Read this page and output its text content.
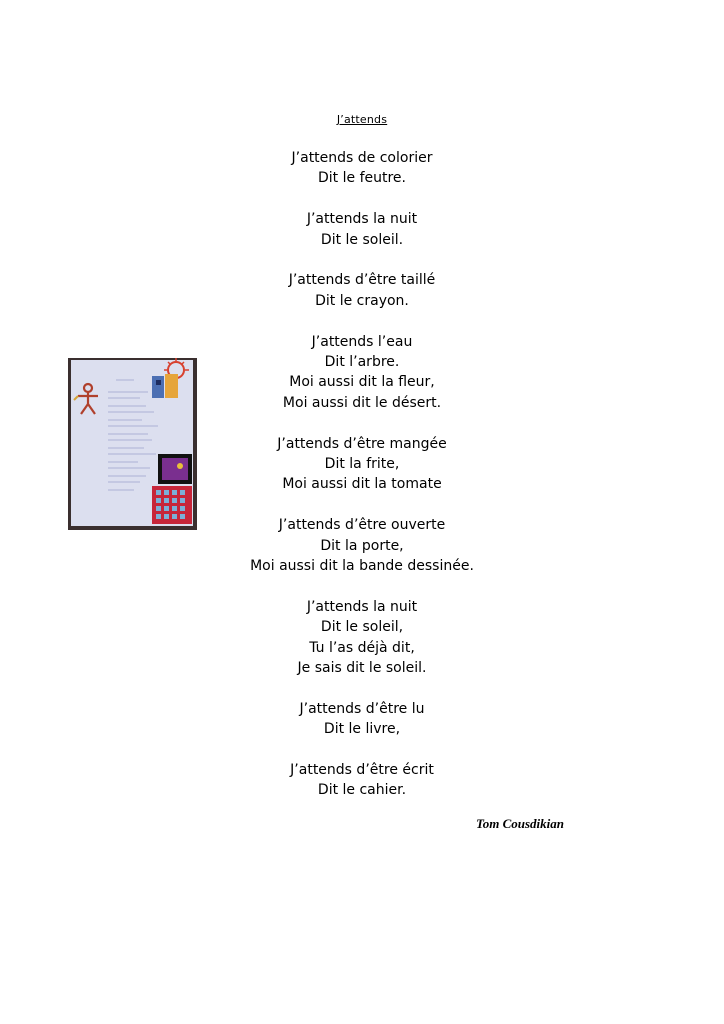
J’attends
J’attends de colorier
Dit le feutre.
J’attends la nuit
Dit le soleil.
J’attends d’être taillé
Dit le crayon.
J’attends l’eau
Dit l’arbre.
Moi aussi dit la fleur,
Moi aussi dit le désert.
J’attends d’être mangée
Dit la frite,
Moi aussi dit la tomate
J’attends d’être ouverte
Dit la porte,
Moi aussi dit la bande dessinée.
J’attends la nuit
Dit le soleil,
Tu l’as déjà dit,
Je sais dit le soleil.
J’attends d’être lu
Dit le livre,
J’attends d’être écrit
Dit le cahier.
Tom Cousdikian
